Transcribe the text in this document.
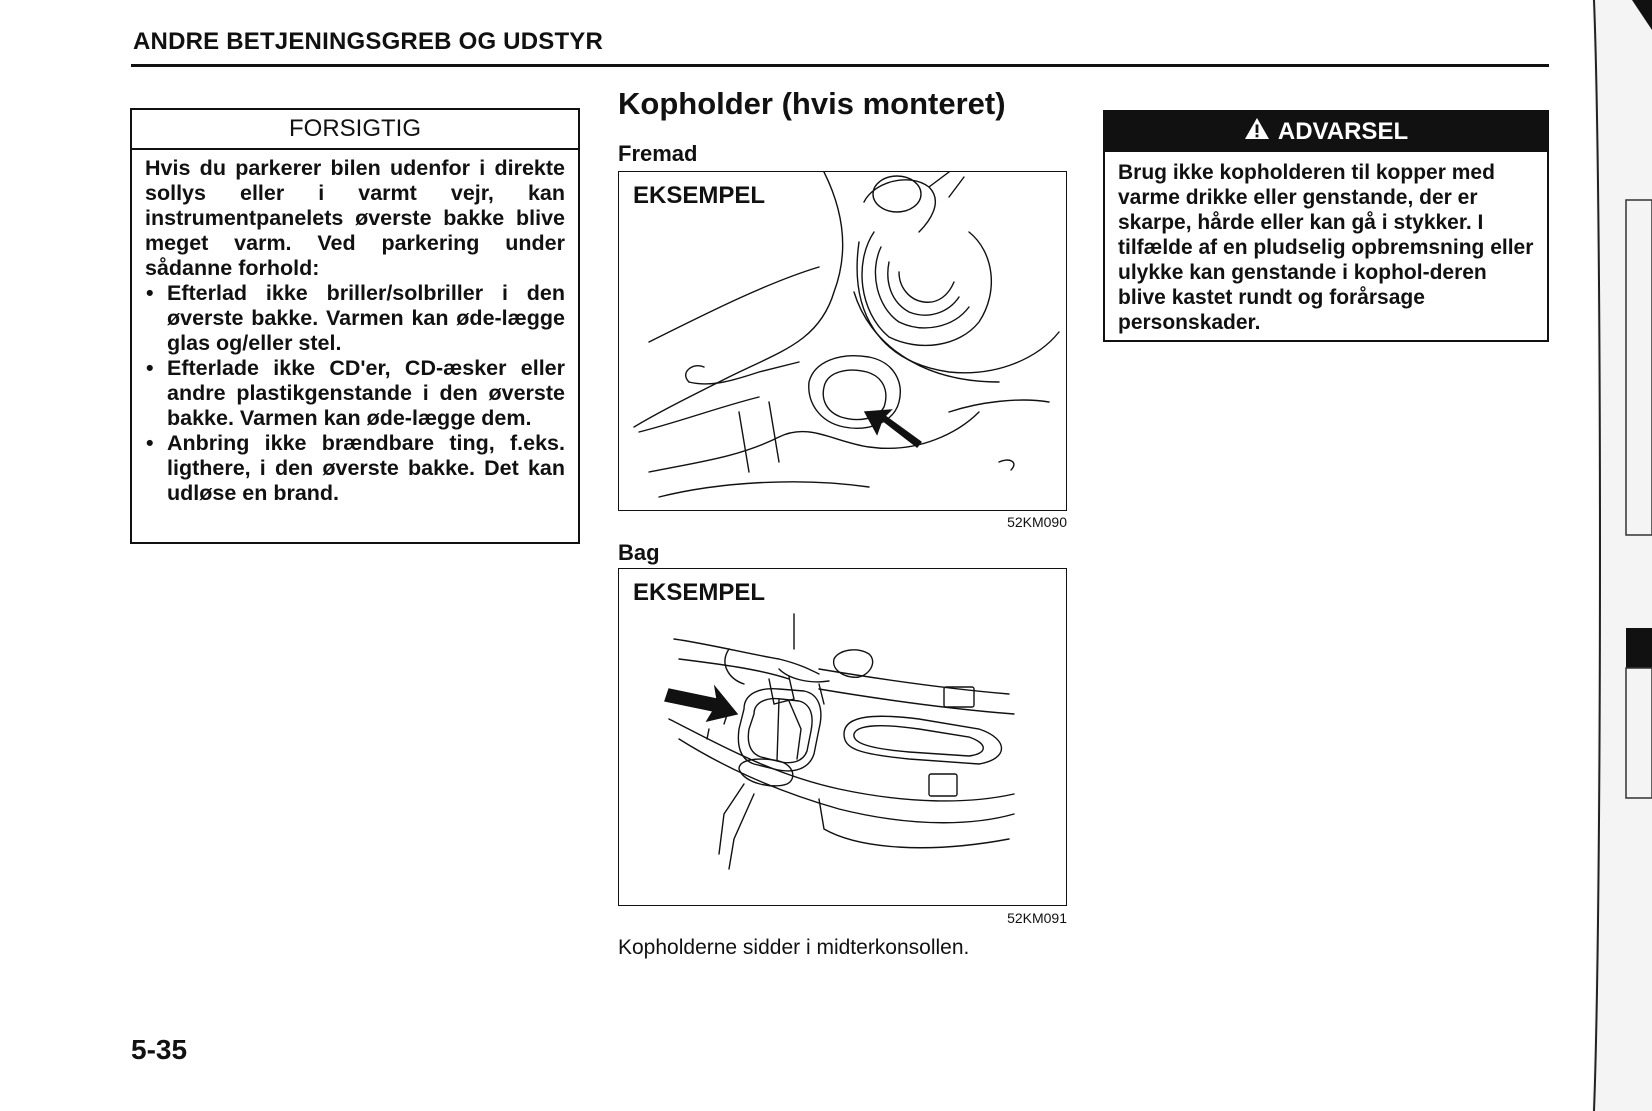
ANDRE BETJENINGSGREB OG UDSTYR
FORSIGTIG

Hvis du parkerer bilen udenfor i direkte sollys eller i varmt vejr, kan instrumentpanelets øverste bakke blive meget varm. Ved parkering under sådanne forhold:

• Efterlad ikke briller/solbriller i den øverste bakke. Varmen kan øde-lægge glas og/eller stel.
• Efterlade ikke CD'er, CD-æsker eller andre plastikgenstande i den øverste bakke. Varmen kan øde-lægge dem.
• Anbring ikke brændbare ting, f.eks. ligthere, i den øverste bakke. Det kan udløse en brand.
Kopholder (hvis monteret)
Fremad
EKSEMPEL
52KM090
Bag
EKSEMPEL
52KM091
Kopholderne sidder i midterkonsollen.
ADVARSEL
Brug ikke kopholderen til kopper med varme drikke eller genstande, der er skarpe, hårde eller kan gå i stykker. I tilfælde af en pludselig opbremsning eller ulykke kan genstande i kophol-deren blive kastet rundt og forårsage personskader.
5-35
